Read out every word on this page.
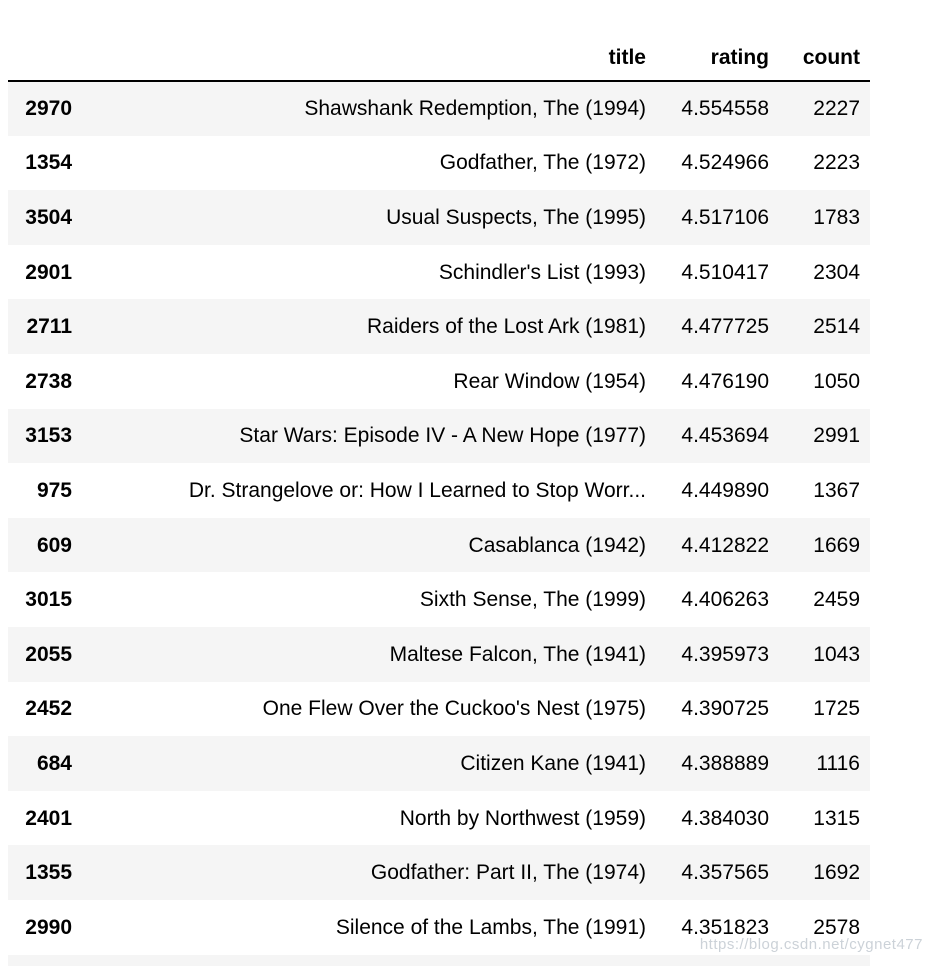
	title	rating	count
2970	Shawshank Redemption, The (1994)	4.554558	2227
1354	Godfather, The (1972)	4.524966	2223
3504	Usual Suspects, The (1995)	4.517106	1783
2901	Schindler's List (1993)	4.510417	2304
2711	Raiders of the Lost Ark (1981)	4.477725	2514
2738	Rear Window (1954)	4.476190	1050
3153	Star Wars: Episode IV - A New Hope (1977)	4.453694	2991
975	Dr. Strangelove or: How I Learned to Stop Worr...	4.449890	1367
609	Casablanca (1942)	4.412822	1669
3015	Sixth Sense, The (1999)	4.406263	2459
2055	Maltese Falcon, The (1941)	4.395973	1043
2452	One Flew Over the Cuckoo's Nest (1975)	4.390725	1725
684	Citizen Kane (1941)	4.388889	1116
2401	North by Northwest (1959)	4.384030	1315
1355	Godfather: Part II, The (1974)	4.357565	1692
2990	Silence of the Lambs, The (1991)	4.351823	2578

https://blog.csdn.net/cygnet477
